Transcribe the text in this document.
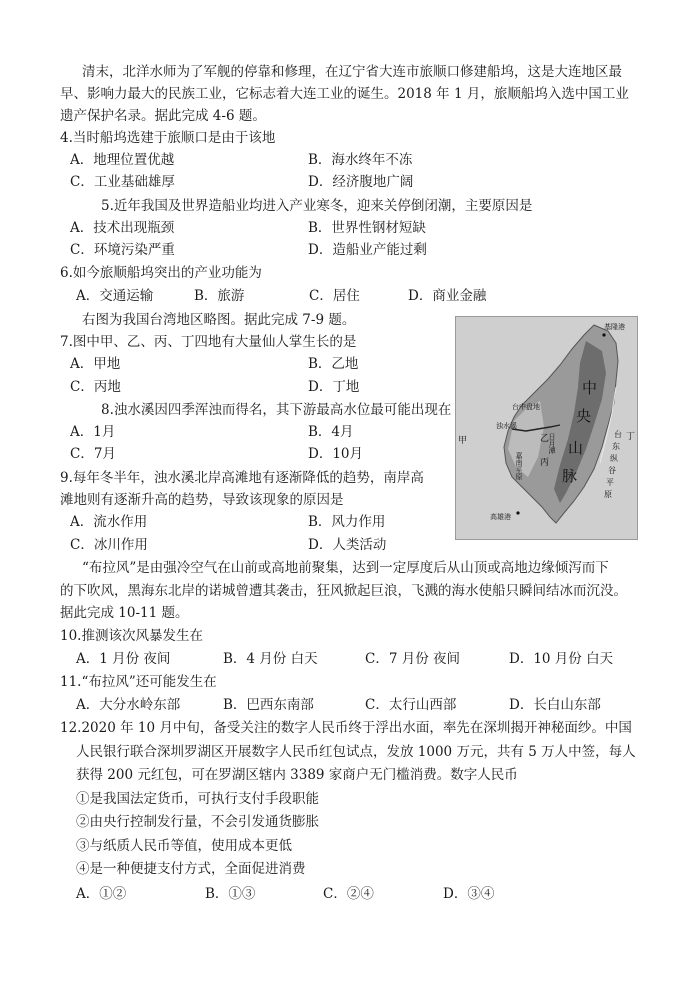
清末，北洋水师为了军舰的停靠和修理，在辽宁省大连市旅顺口修建船坞，这是大连地区最
早、影响力最大的民族工业，它标志着大连工业的诞生。2018 年 1 月，旅顺船坞入选中国工业
遗产保护名录。据此完成 4-6 题。
4.当时船坞选建于旅顺口是由于该地
A．地理位置优越	B．海水终年不冻
C．工业基础雄厚	D．经济腹地广阔
5.近年我国及世界造船业均进入产业寒冬，迎来关停倒闭潮，主要原因是
A．技术出现瓶颈	B．世界性钢材短缺
C．环境污染严重	D．造船业产能过剩
6.如今旅顺船坞突出的产业功能为
A．交通运输	B．旅游	C．居住	D．商业金融
右图为我国台湾地区略图。据此完成 7-9 题。
7.图中甲、乙、丙、丁四地有大量仙人掌生长的是
A．甲地	B．乙地
C．丙地	D．丁地
8.浊水溪因四季浑浊而得名，其下游最高水位最可能出现在
A．1月	B．4月
C．7月	D．10月
9.每年冬半年，浊水溪北岸高滩地有逐渐降低的趋势，南岸高
滩地则有逐渐升高的趋势，导致该现象的原因是
A．流水作用	B．风力作用
C．冰川作用	D．人类活动
基隆港
台中盘地
浊水溪
嘉南平原
高雄港
日月潭
中
央
山
脉
台
东
纵
谷
平
原
甲	乙
丙
丁
“布拉风”是由强冷空气在山前或高地前聚集，达到一定厚度后从山顶或高地边缘倾泻而下
的下吹风，黑海东北岸的诺城曾遭其袭击，狂风掀起巨浪，飞溅的海水使船只瞬间结冰而沉没。
据此完成 10-11 题。
10.推测该次风暴发生在
A．1 月份 夜间	B．4 月份 白天	C．7 月份 夜间	D．10 月份 白天
11.“布拉风”还可能发生在
A．大分水岭东部	B．巴西东南部	C．太行山西部	D．长白山东部
12.2020 年 10 月中旬，备受关注的数字人民币终于浮出水面，率先在深圳揭开神秘面纱。中国
人民银行联合深圳罗湖区开展数字人民币红包试点，发放 1000 万元，共有 5 万人中签，每人
获得 200 元红包，可在罗湖区辖内 3389 家商户无门槛消费。数字人民币
①是我国法定货币，可执行支付手段职能
②由央行控制发行量，不会引发通货膨胀
③与纸质人民币等值，使用成本更低
④是一种便捷支付方式，全面促进消费
A．①②	B．①③	C．②④	D．③④
